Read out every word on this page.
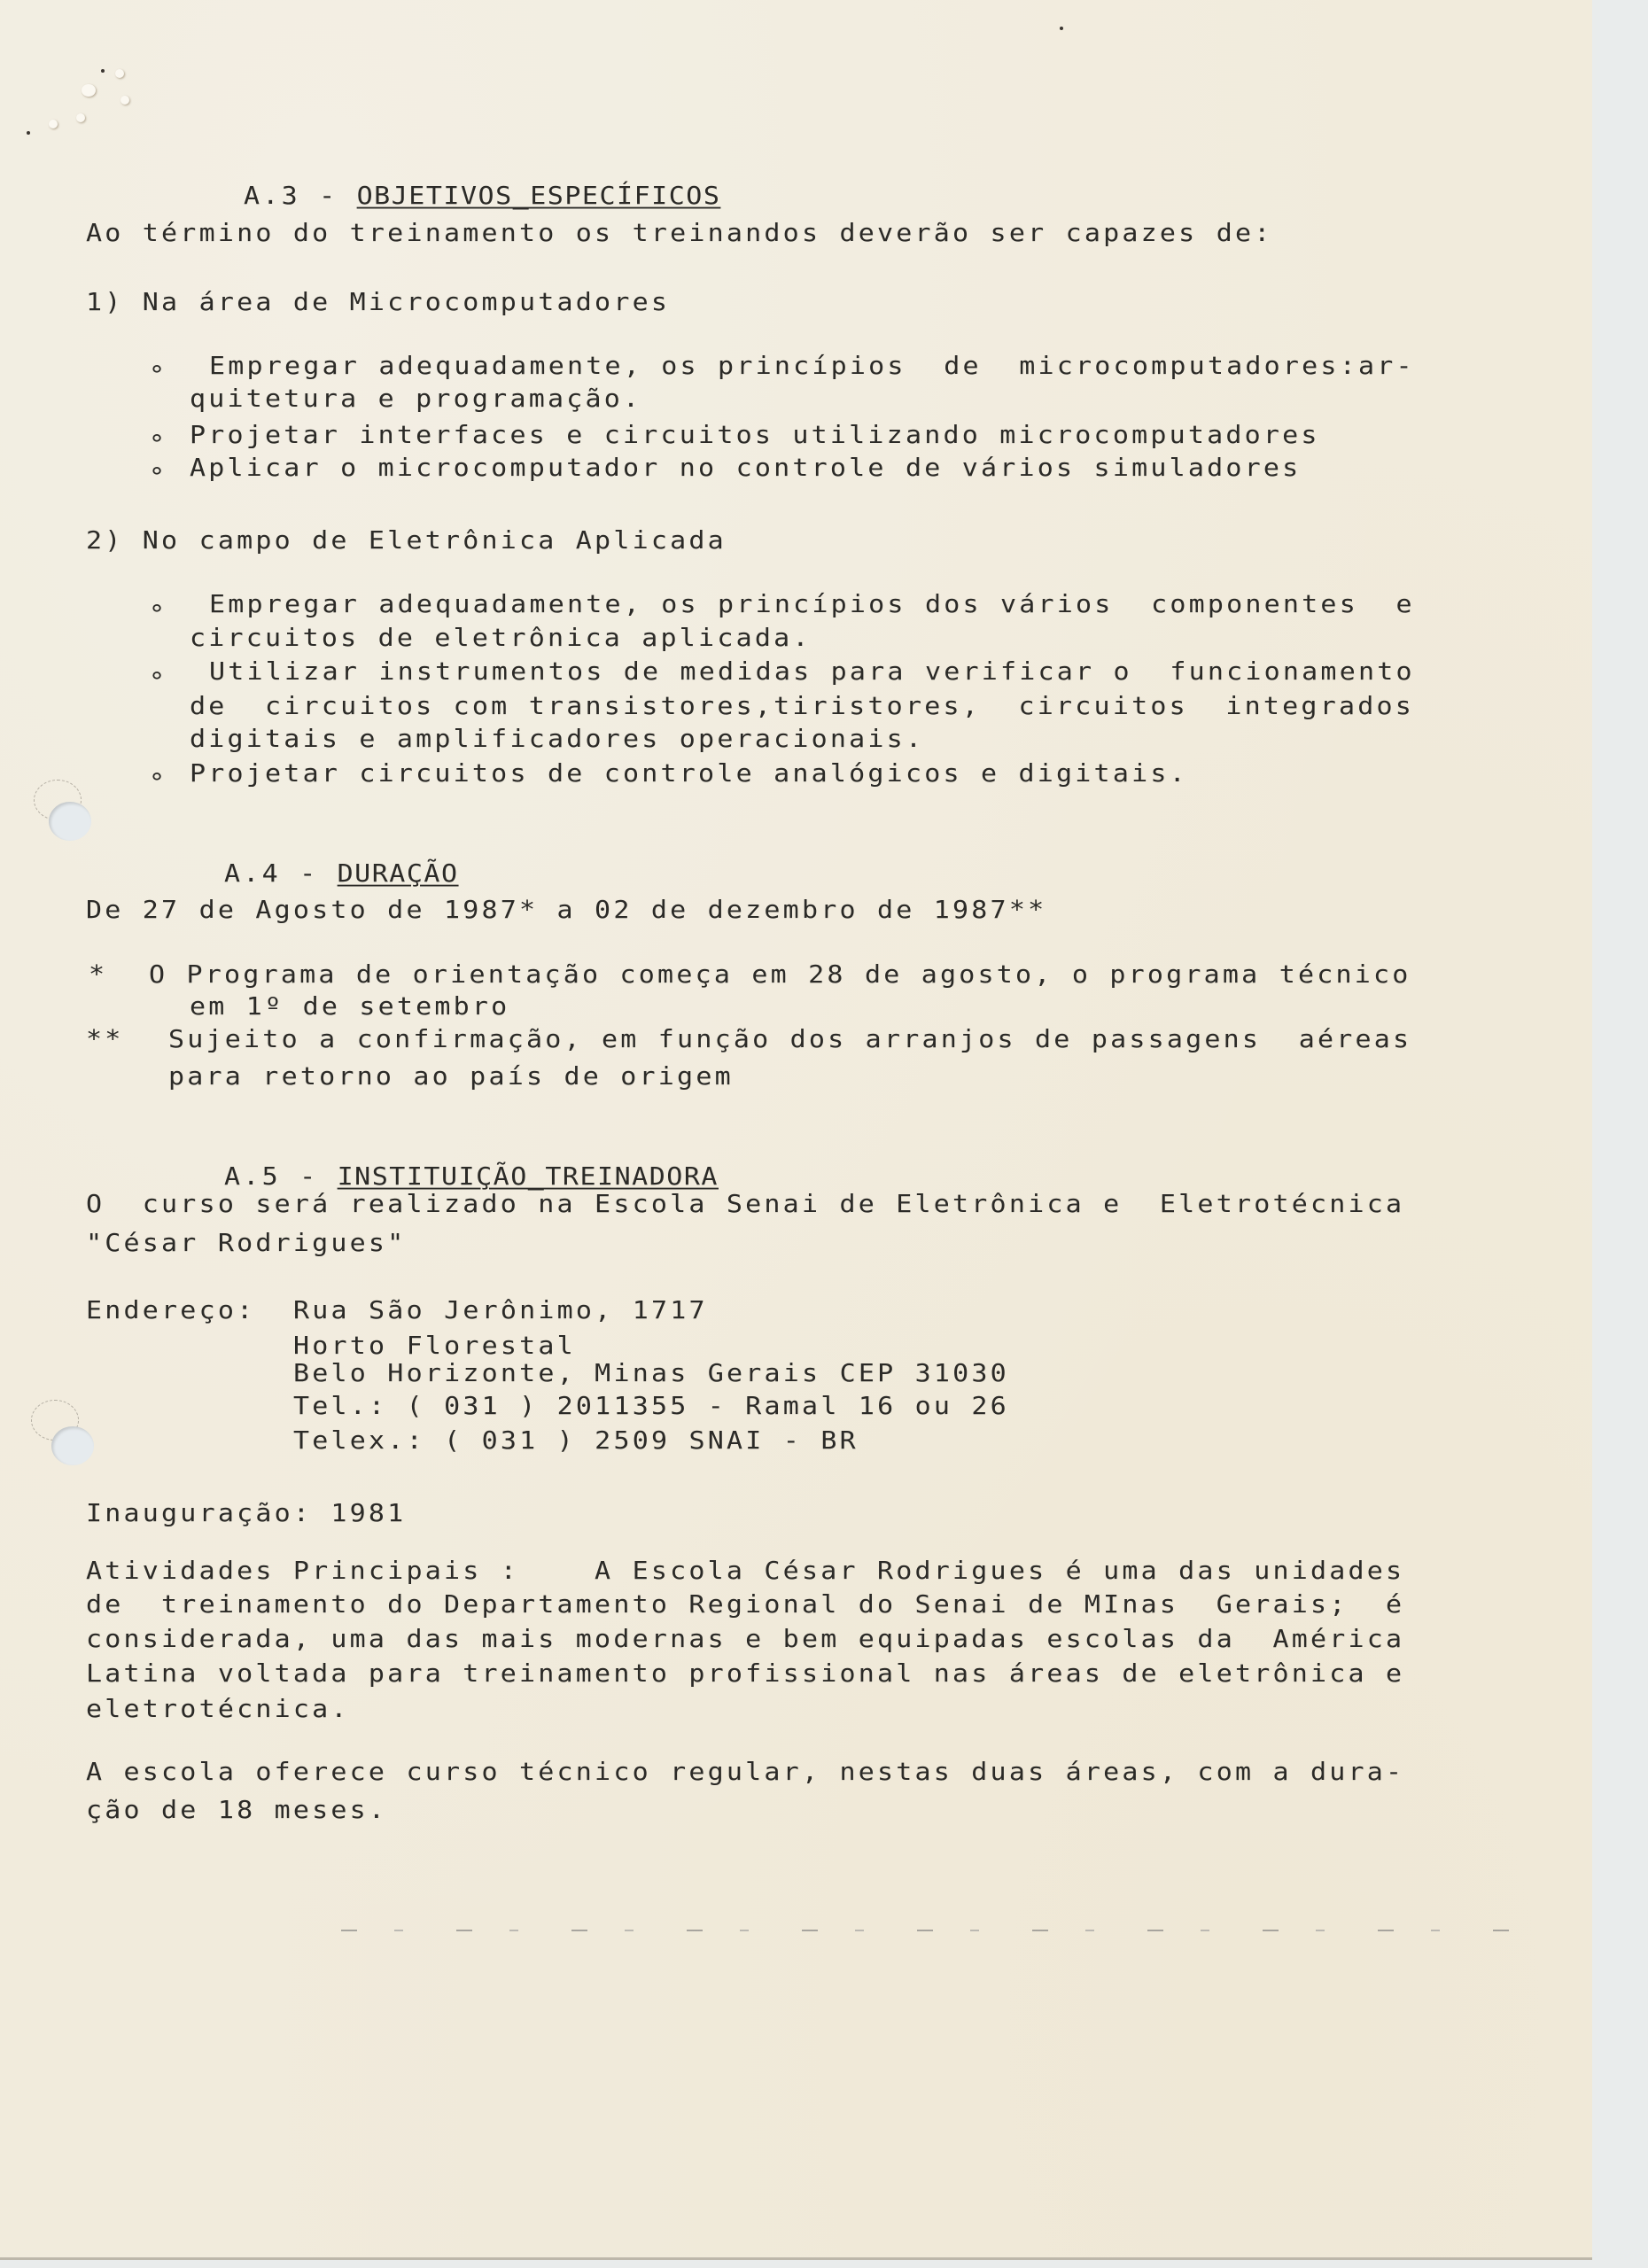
A.3 - OBJETIVOS_ESPECÍFICOS

Ao término do treinamento os treinandos deverão ser capazes de:
1) Na área de Microcomputadores
∘ Empregar adequadamente, os princípios  de  microcomputadores:ar-
quitetura e programação.
∘ Projetar interfaces e circuitos utilizando microcomputadores
∘ Aplicar o microcomputador no controle de vários simuladores
2) No campo de Eletrônica Aplicada
∘ Empregar adequadamente, os princípios dos vários  componentes  e
circuitos de eletrônica aplicada.
∘ Utilizar instrumentos de medidas para verificar o  funcionamento
de  circuitos com transistores,tiristores,  circuitos  integrados
digitais e amplificadores operacionais.
∘ Projetar circuitos de controle analógicos e digitais.

A.4 - DURAÇÃO

De 27 de Agosto de 1987* a 02 de dezembro de 1987**
* O Programa de orientação começa em 28 de agosto, o programa técnico
em 1º de setembro
** Sujeito a confirmação, em função dos arranjos de passagens  aéreas
para retorno ao país de origem

A.5 - INSTITUIÇÃO_TREINADORA

O  curso será realizado na Escola Senai de Eletrônica e  Eletrotécnica
"César Rodrigues"
Endereço: Rua São Jerônimo, 1717
Horto Florestal
Belo Horizonte, Minas Gerais CEP 31030
Tel.: ( 031 ) 2011355 - Ramal 16 ou 26
Telex.: ( 031 ) 2509 SNAI - BR
Inauguração: 1981
Atividades Principais :    A Escola César Rodrigues é uma das unidades
de  treinamento do Departamento Regional do Senai de MInas  Gerais;  é
considerada, uma das mais modernas e bem equipadas escolas da  América
Latina voltada para treinamento profissional nas áreas de eletrônica e
eletrotécnica.
A escola oferece curso técnico regular, nestas duas áreas, com a dura-
ção de 18 meses.
